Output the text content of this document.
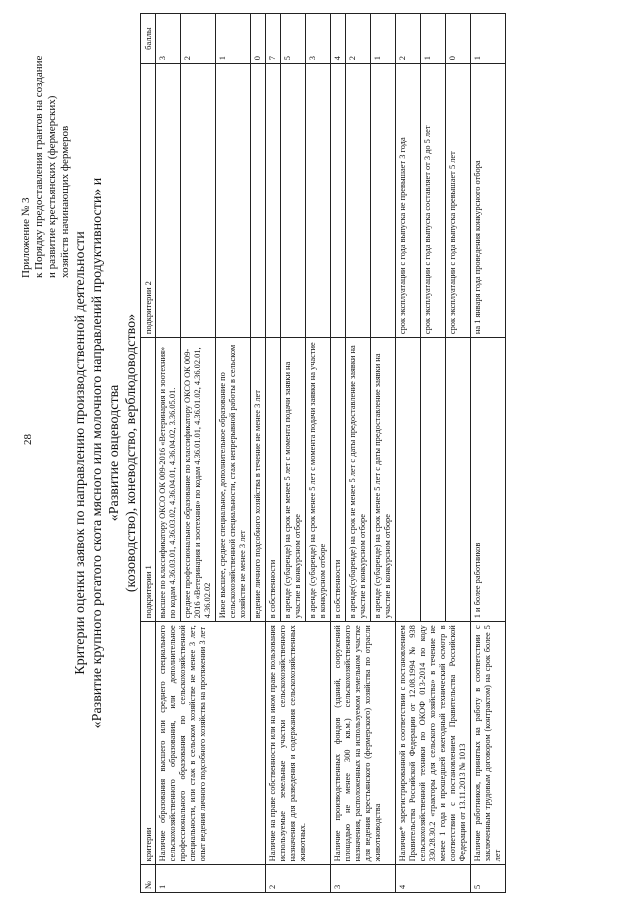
28
Приложение № 3 к Порядку предоставления грантов на создание и развитие крестьянских (фермерских) хозяйств начинающих фермеров
Критерии оценки заявок по направлению производственной деятельности «Развитие крупного рогатого скота мясного или молочного направлений продуктивности» и «Развитие овцеводства (козоводство), коневодство, верблюдоводство»
№	критерии	подкритерии 1	подкритерии 2	баллы
1	Наличие образования высшего или среднего специального сельскохозяйственного образования, или дополнительное профессионального образования по сельскохозяйственной специальности, или стаж в сельском хозяйстве не менее 3 лет, опыт ведения личного подсобного хозяйства на протяжении 3 лет	высшее по классификатору ОКСО ОК 009-2016 «Ветеринария и зоотехния» по кодам 4.36.03.01, 4.36.03.02, 4.36.04.01, 4.36.04.02, 3.36.05.01.		3
		среднее профессиональное образование по классификатору ОКСО ОК 009-2016 «Ветеринария и зоотехния» по кодам 4.36.01.01, 4.36.01.02, 4.36.02.01, 4.36.02.02		2
		Иное высшее, среднее специальное, дополнительное образование по сельскохозяйственной специальности, стаж непрерывной работы в сельском хозяйстве не менее 3 лет		1
		ведение личного подсобного хозяйства в течение не менее 3 лет		0
2	Наличие на праве собственности или на ином праве пользования используемые земельные участки сельскохозяйственного назначения для разведения и содержания сельскохозяйственных животных.	в собственности		7
		в аренде (субаренде) на срок не менее 5 лет с момента подачи заявки на участие в конкурсном отборе		5
		в аренде (субаренде) на срок менее 5 лет с момента подачи заявки на участие в конкурсном отборе		3
3	Наличие производственных фондов (зданий, сооружений площадью не менее 300 кв.м.) сельскохозяйственного назначения, расположенных на используемом земельном участке для ведения крестьянского (фермерского) хозяйства по отрасли животноводства	в собственности		4
		в аренде(субаренде) на срок не менее 5 лет с даты предоставление заявки на участие в конкурсном отборе		2
		в аренде (субаренде) на срок менее 5 лет с даты предоставление заявки на участие в конкурсном отборе		1
4	Наличие* зарегистрированной в соответствии с постановлением Правительства Российской Федерации от 12.08.1994 № 938 сельскохозяйственной техники по ОКОФ 013-2014 по коду 330.28.30.2 «тракторы для сельского хозяйства» в течение не менее 1 года и прошедшей ежегодный технический осмотр в соответствии с постановлением Правительства Российской Федерации от 13.11.2013 № 1013		срок эксплуатации с года выпуска не превышает 3 года	2
			срок эксплуатации с года выпуска составляет от 3 до 5 лет	1
			срок эксплуатации с года выпуска превышает 5 лет	0
5	Наличие работников, принятых на работу в соответствии с заключенным трудовым договором (контрактом) на срок более 5 лет	1 и более работников	на 1 января года проведения конкурсного отбора	1
